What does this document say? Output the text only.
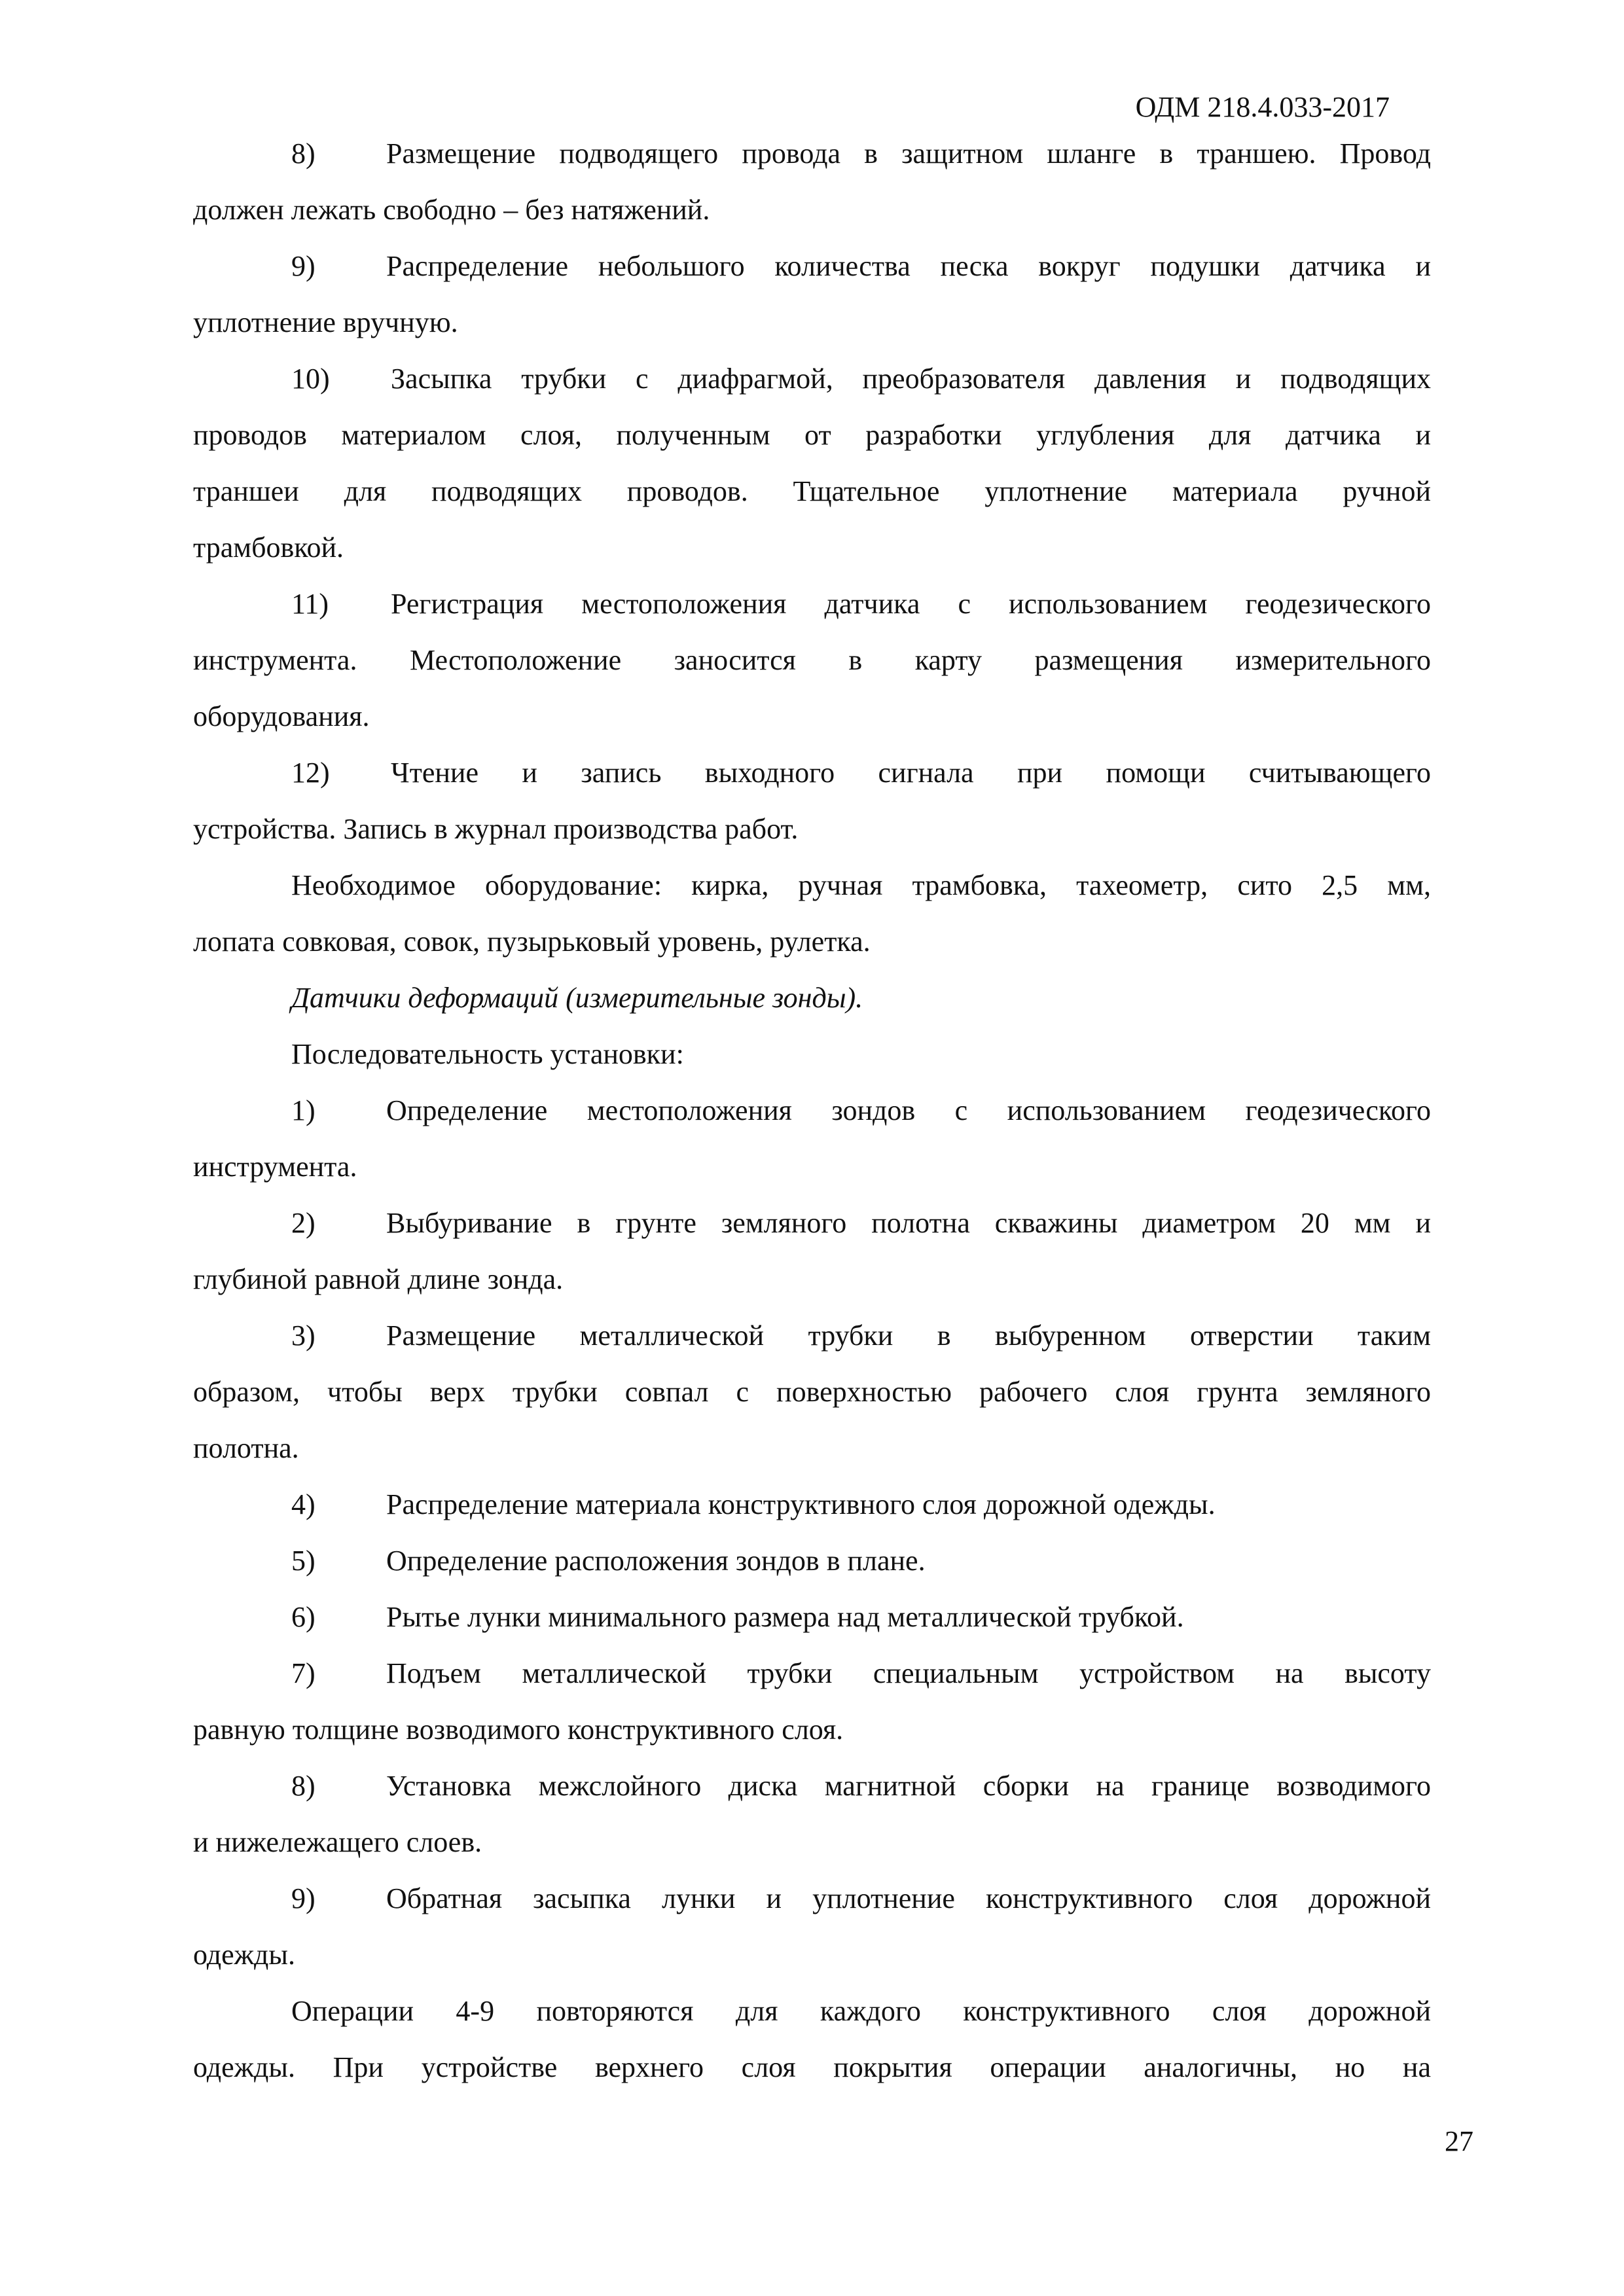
ОДМ 218.4.033-2017
8) Размещение подводящего провода в защитном шланге в траншею. Провод
должен лежать свободно – без натяжений.
9) Распределение небольшого количества песка вокруг подушки датчика и
уплотнение вручную.
10) Засыпка трубки с диафрагмой, преобразователя давления и подводящих
проводов материалом слоя, полученным от разработки углубления для датчика и
траншеи для подводящих проводов. Тщательное уплотнение материала ручной
трамбовкой.
11) Регистрация местоположения датчика с использованием геодезического
инструмента. Местоположение заносится в карту размещения измерительного
оборудования.
12) Чтение и запись выходного сигнала при помощи считывающего
устройства. Запись в журнал производства работ.
Необходимое оборудование: кирка, ручная трамбовка, тахеометр, сито 2,5 мм,
лопата совковая, совок, пузырьковый уровень, рулетка.
Датчики деформаций (измерительные зонды).
Последовательность установки:
1) Определение местоположения зондов с использованием геодезического
инструмента.
2) Выбуривание в грунте земляного полотна скважины диаметром 20 мм и
глубиной равной длине зонда.
3) Размещение металлической трубки в выбуренном отверстии таким
образом, чтобы верх трубки совпал с поверхностью рабочего слоя грунта земляного
полотна.
4) Распределение материала конструктивного слоя дорожной одежды.
5) Определение расположения зондов в плане.
6) Рытье лунки минимального размера над металлической трубкой.
7) Подъем металлической трубки специальным устройством на высоту
равную толщине возводимого конструктивного слоя.
8) Установка межслойного диска магнитной сборки на границе возводимого
и нижележащего слоев.
9) Обратная засыпка лунки и уплотнение конструктивного слоя дорожной
одежды.
Операции 4-9 повторяются для каждого конструктивного слоя дорожной
одежды. При устройстве верхнего слоя покрытия операции аналогичны, но на
27
